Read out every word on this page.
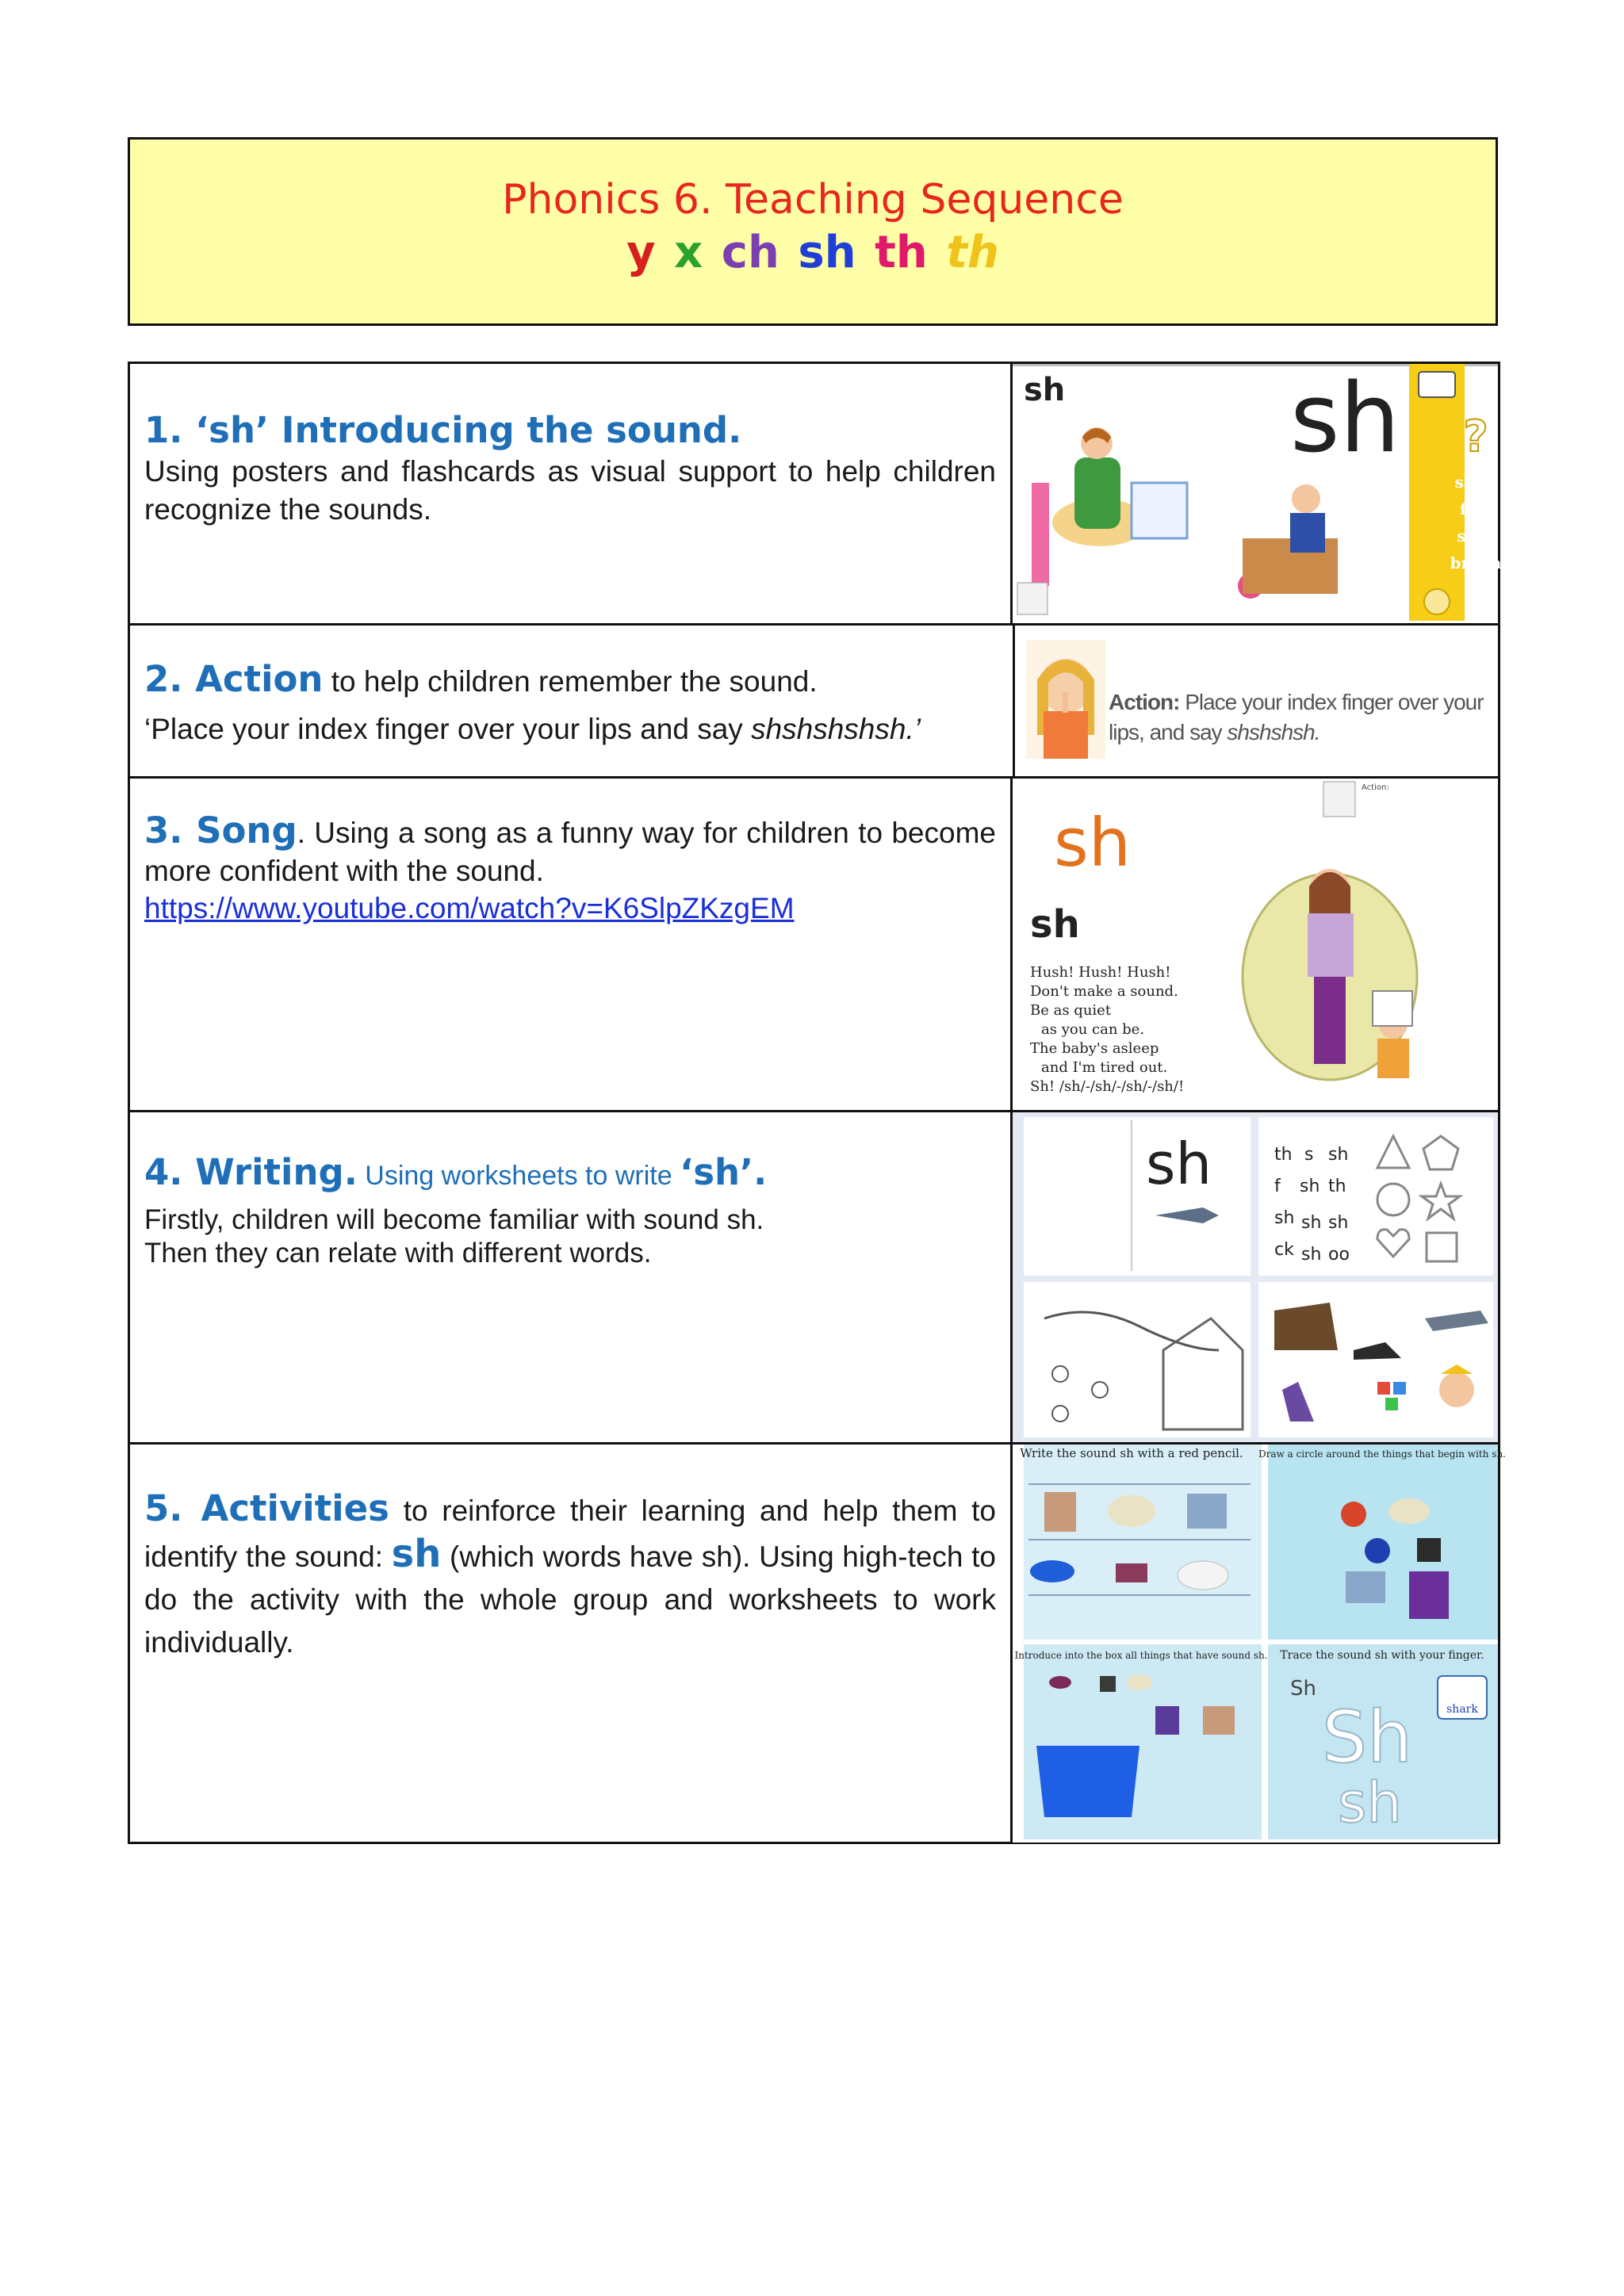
Phonics 6. Teaching Sequence
y x ch sh th th
1. ‘sh’ Introducing the sound.
Using posters and flashcards as visual support to help children recognize the sounds.
sh sh
shop
fish
ship
brush
?
2. Action to help children remember the sound.
‘Place your index finger over your lips and say shshshshsh.’
Action: Place your index finger over your lips, and say shshshsh.
3. Song. Using a song as a funny way for children to become more confident with the sound.
https://www.youtube.com/watch?v=K6SlpZKzgEM
Action:
sh
sh
Hush! Hush! Hush!
Don't make a sound.
Be as quiet
as you can be.
The baby's asleep
and I'm tired out.
Sh! /sh/-/sh/-/sh/-/sh/!
4. Writing. Using worksheets to write ‘sh’.
Firstly, children will become familiar with sound sh.
Then they can relate with different words.
sh	th s sh
f sh th
sh sh sh
ck sh oo
5. Activities to reinforce their learning and help them to identify the sound: sh (which words have sh). Using high-tech to do the activity with the whole group and worksheets to work individually.
Write the sound sh with a red pencil. Draw a circle around the things that begin with sh.
Introduce into the box all things that have sound sh. Trace the sound sh with your finger.
Sh
Sh
sh
shark
